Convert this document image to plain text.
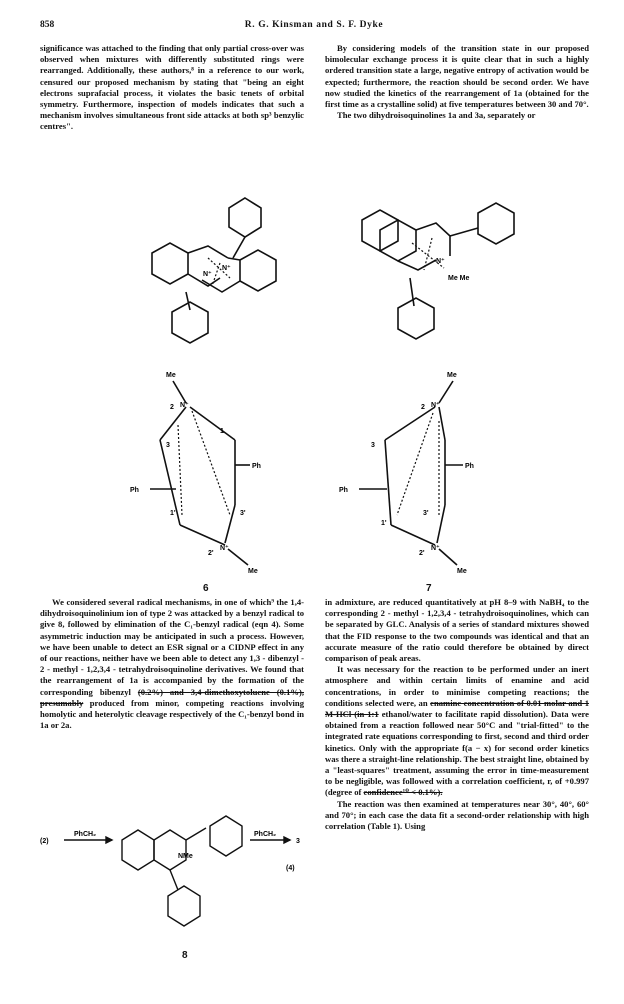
858	R. G. Kinsman and S. F. Dyke

significance was attached to the finding that only partial cross-over was observed when mixtures with differently substituted rings were rearranged. Additionally, these authors,⁸ in a reference to our work, censured our proposed mechanism by stating that "being an eight electrons suprafacial process, it violates the basic tenets of orbital symmetry. Furthermore, inspection of models indicates that such a mechanism involves simultaneous front side attacks at both sp³ benzylic centres".

By considering models of the transition state in our proposed bimolecular exchange process it is quite clear that in such a highly ordered transition state a large, negative entropy of activation would be expected; furthermore, the reaction should be second order. We have now studied the kinetics of the rearrangement of 1a (obtained for the first time as a crystalline solid) at five temperatures between 30 and 70°.

The two dihydroisoquinolines 1a and 3a, separately or

N⁺
N⁺
N⁺
Me Me
Me
N⁺
2
3
1
Ph
Ph
3'
1'
N⁺
2'
Me
6
Me
N⁺
2
3
3'
Ph
Ph
1'
N⁺
2'
Me
7

We considered several radical mechanisms, in one of which⁹ the 1,4-dihydroisoquinolinium ion of type 2 was attacked by a benzyl radical to give 8, followed by elimination of the C₁-benzyl radical (eqn 4). Some asymmetric induction may be anticipated in such a process. However, we have been unable to detect an ESR signal or a CIDNP effect in any of our reactions, neither have we been able to detect any 1,3 - dibenzyl - 2 - methyl - 1,2,3,4 - tetrahydroisoquinoline derivatives. We found that the rearrangement of 1a is accompanied by the formation of the corresponding bibenzyl (0.2%) and 3,4-dimethoxytoluene (0.1%), presumably produced from minor, competing reactions involving homolytic and heterolytic cleavage respectively of the C₁-benzyl bond in 1a or 2a.

(2)
PhCH₂
NMe
PhCH₂
3
(4)
8

in admixture, are reduced quantitatively at pH 8–9 with NaBH₄ to the corresponding 2 - methyl - 1,2,3,4 - tetrahydroisoquinolines, which can be separated by GLC. Analysis of a series of standard mixtures showed that the FID response to the two compounds was identical and that an accurate measure of the ratio could therefore be obtained by direct comparison of peak areas.

It was necessary for the reaction to be performed under an inert atmosphere and within certain limits of enamine and acid concentrations, in order to minimise competing reactions; the conditions selected were, an enamine concentration of 0.01 molar and 1 M-HCl (in 1:1 ethanol/water to facilitate rapid dissolution). Data were obtained from a reaction followed near 50°C and "trial-fitted" to the integrated rate equations corresponding to first, second and third order kinetics. Only with the appropriate f(a − x) for second order kinetics was there a straight-line relationship. The best straight line, obtained by a "least-squares" treatment, assuming the error in time-measurement to be negligible, was followed with a correlation coefficient, r, of +0.997 (degree of confidence¹⁰ < 0.1%).

The reaction was then examined at temperatures near 30°, 40°, 60° and 70°; in each case the data fit a second-order relationship with high correlation (Table 1). Using
